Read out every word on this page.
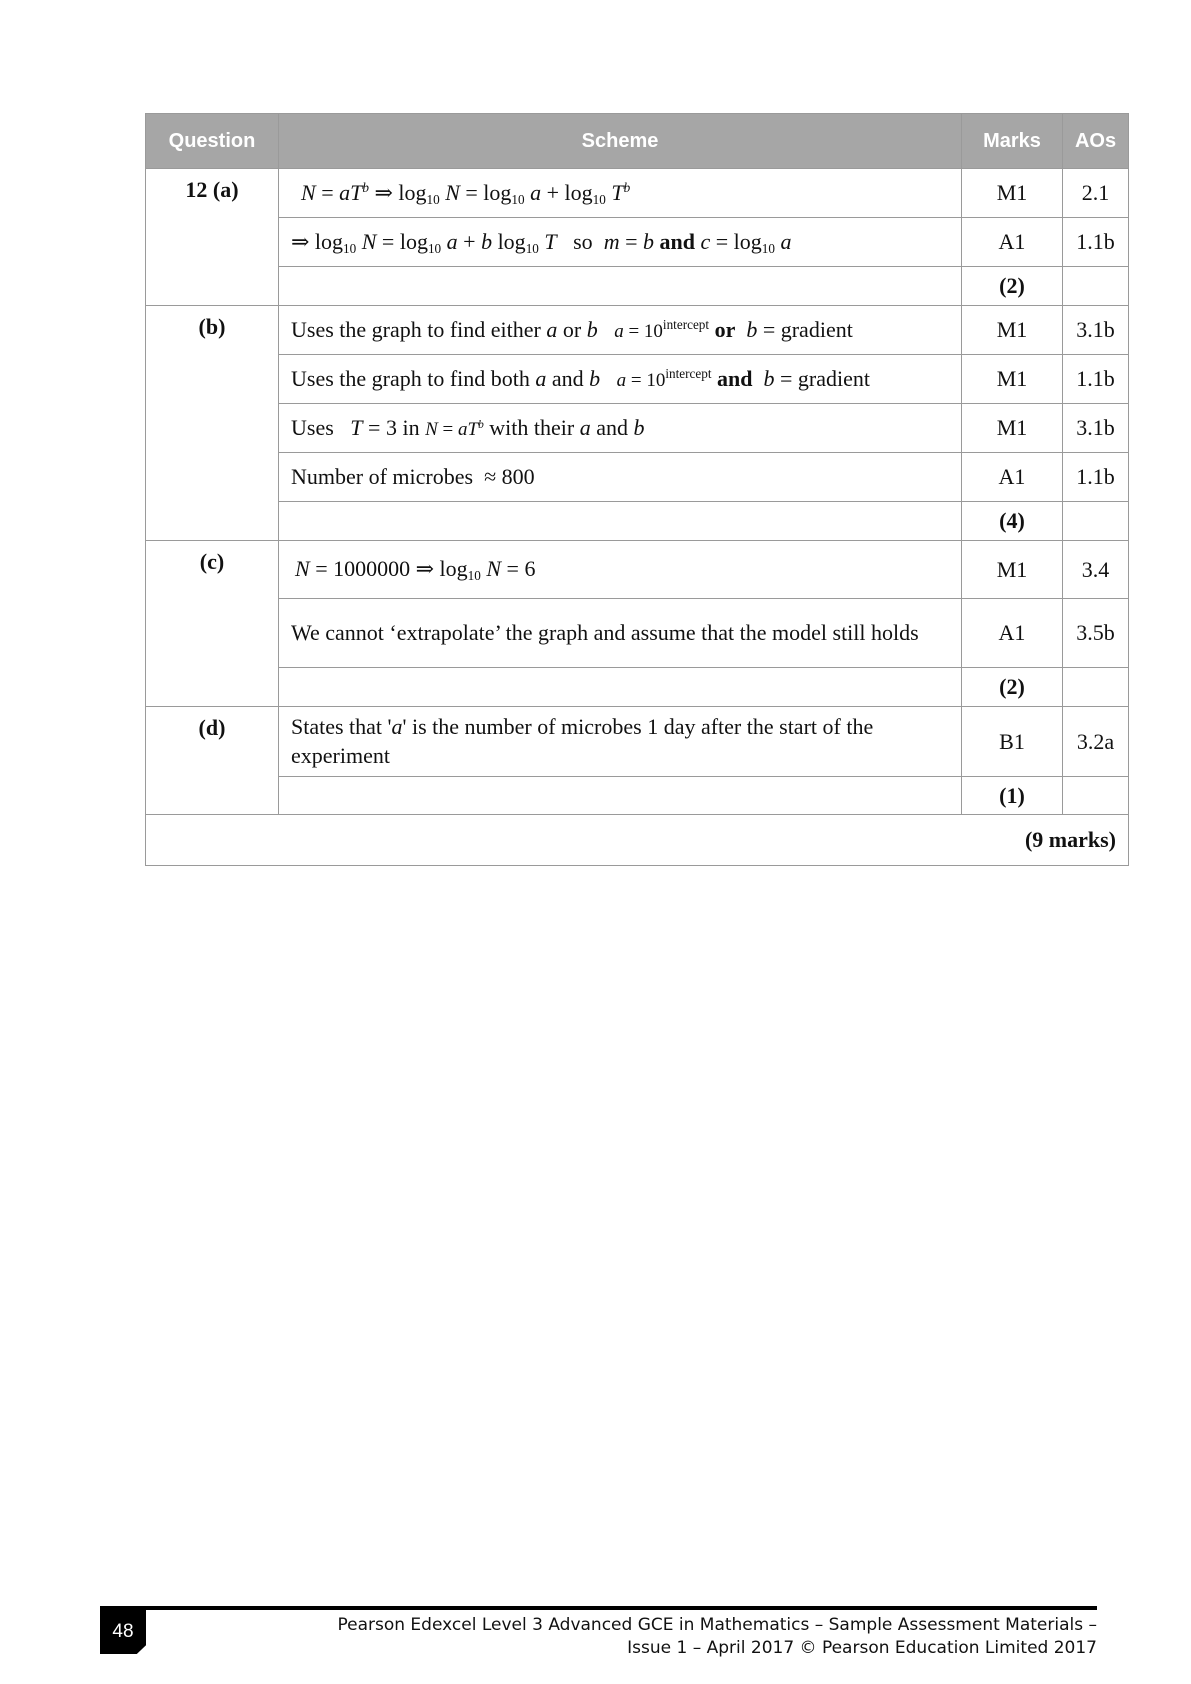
Question	Scheme	Marks	AOs
12 (a)	$N = aT^b$ ⇒ $\log_{10} N = \log_{10} a + \log_{10} T^b$	M1	2.1
	⇒ $\log_{10} N = \log_{10} a + b$ $\log_{10} T$ so m = b and $c = \log_{10} a$	A1	1.1b
		(2)	
(b)	Uses the graph to find either a or b $a = 10^{intercept}$ or b = gradient	M1	3.1b
	Uses the graph to find both a and b $a = 10^{intercept}$ and b = gradient	M1	1.1b
	Uses T = 3 in $N = aT^b$ with their a and b	M1	3.1b
	Number of microbes ≈ 800	A1	1.1b
		(4)	
(c)	N = 1000000 ⇒ $\log_{10} N = 6$	M1	3.4
	We cannot ‘extrapolate’ the graph and assume that the model still holds	A1	3.5b
		(2)	
(d)	States that 'a' is the number of microbes 1 day after the start of the experiment	B1	3.2a
		(1)	
(9 marks)			
48	Pearson Edexcel Level 3 Advanced GCE in Mathematics – Sample Assessment Materials –
Issue 1 – April 2017 © Pearson Education Limited 2017
